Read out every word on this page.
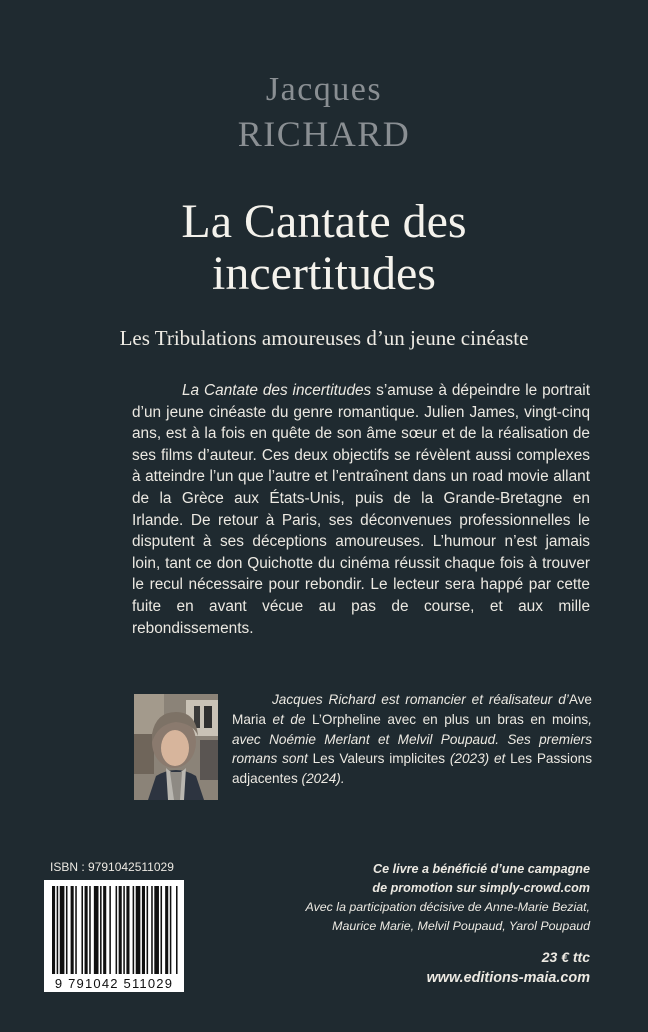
Jacques
RICHARD
La Cantate des
incertitudes
Les Tribulations amoureuses d’un jeune cinéaste
La Cantate des incertitudes s’amuse à dépeindre le portrait d’un jeune cinéaste du genre romantique. Julien James, vingt-cinq ans, est à la fois en quête de son âme sœur et de la réalisation de ses films d’auteur. Ces deux objectifs se révèlent aussi complexes à atteindre l’un que l’autre et l’entraînent dans un road movie allant de la Grèce aux États-Unis, puis de la Grande-Bretagne en Irlande. De retour à Paris, ses déconvenues professionnelles le disputent à ses déceptions amoureuses. L’humour n’est jamais loin, tant ce don Quichotte du cinéma réussit chaque fois à trouver le recul nécessaire pour rebondir. Le lecteur sera happé par cette fuite en avant vécue au pas de course, et aux mille rebondissements.
Jacques Richard est romancier et réalisateur d’Ave Maria et de L’Orpheline avec en plus un bras en moins, avec Noémie Merlant et Melvil Poupaud. Ses premiers romans sont Les Valeurs implicites (2023) et Les Passions adjacentes (2024).
ISBN : 9791042511029
9 791042 511029
Ce livre a bénéficié d’une campagne
de promotion sur simply-crowd.com
Avec la participation décisive de Anne-Marie Beziat,
Maurice Marie, Melvil Poupaud, Yarol Poupaud
23 € ttc
www.editions-maia.com
